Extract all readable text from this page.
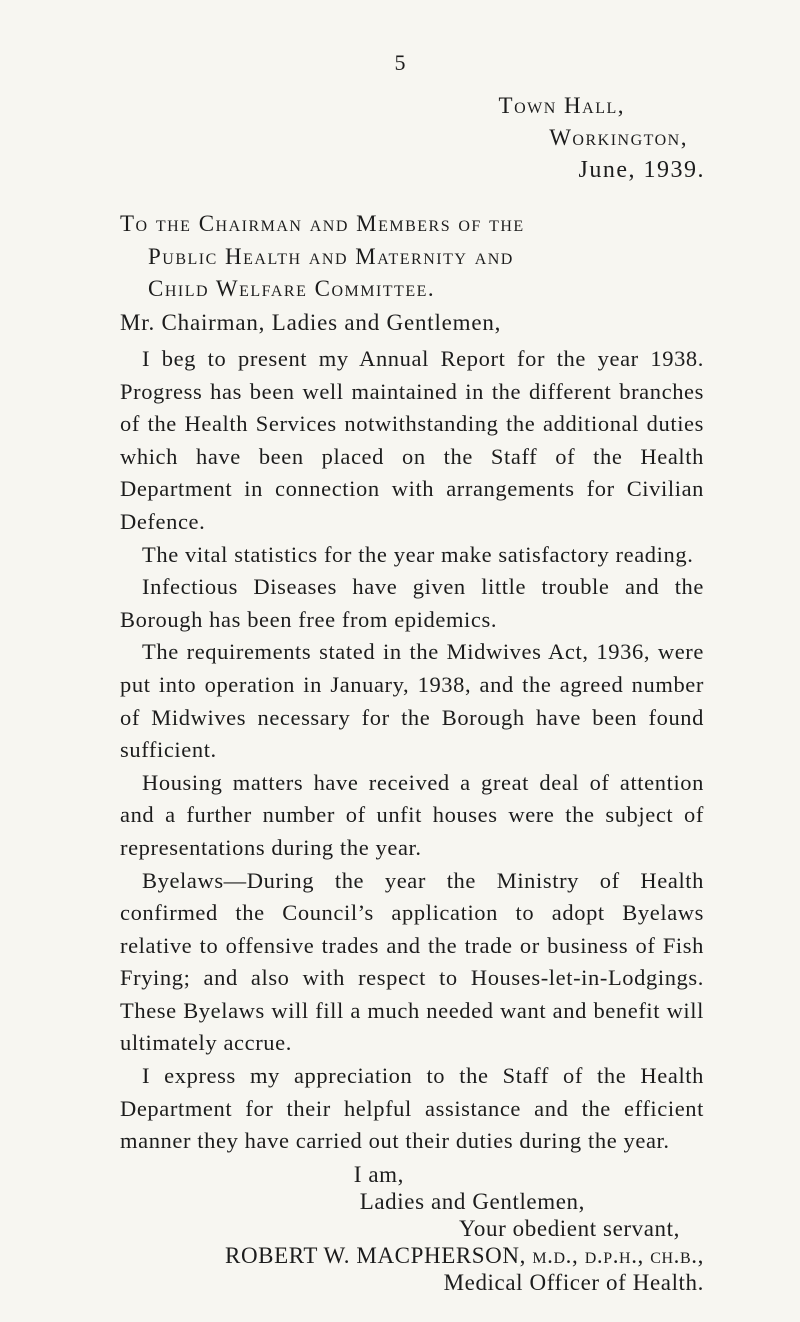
5
Town Hall,
Workington,
June, 1939.
To the Chairman and Members of the
Public Health and Maternity and
Child Welfare Committee.
Mr. Chairman, Ladies and Gentlemen,

I beg to present my Annual Report for the year 1938. Progress has been well maintained in the different branches of the Health Services notwithstanding the additional duties which have been placed on the Staff of the Health Department in connection with arrangements for Civilian Defence.

The vital statistics for the year make satisfactory reading.

Infectious Diseases have given little trouble and the Borough has been free from epidemics.

The requirements stated in the Midwives Act, 1936, were put into operation in January, 1938, and the agreed number of Midwives necessary for the Borough have been found sufficient.

Housing matters have received a great deal of attention and a further number of unfit houses were the subject of representations during the year.

Byelaws—During the year the Ministry of Health confirmed the Council’s application to adopt Byelaws relative to offensive trades and the trade or business of Fish Frying; and also with respect to Houses-let-in-Lodgings. These Byelaws will fill a much needed want and benefit will ultimately accrue.

I express my appreciation to the Staff of the Health Department for their helpful assistance and the efficient manner they have carried out their duties during the year.

I am,
Ladies and Gentlemen,
Your obedient servant,
ROBERT W. MACPHERSON, m.d., d.p.h., ch.b.,
Medical Officer of Health.
